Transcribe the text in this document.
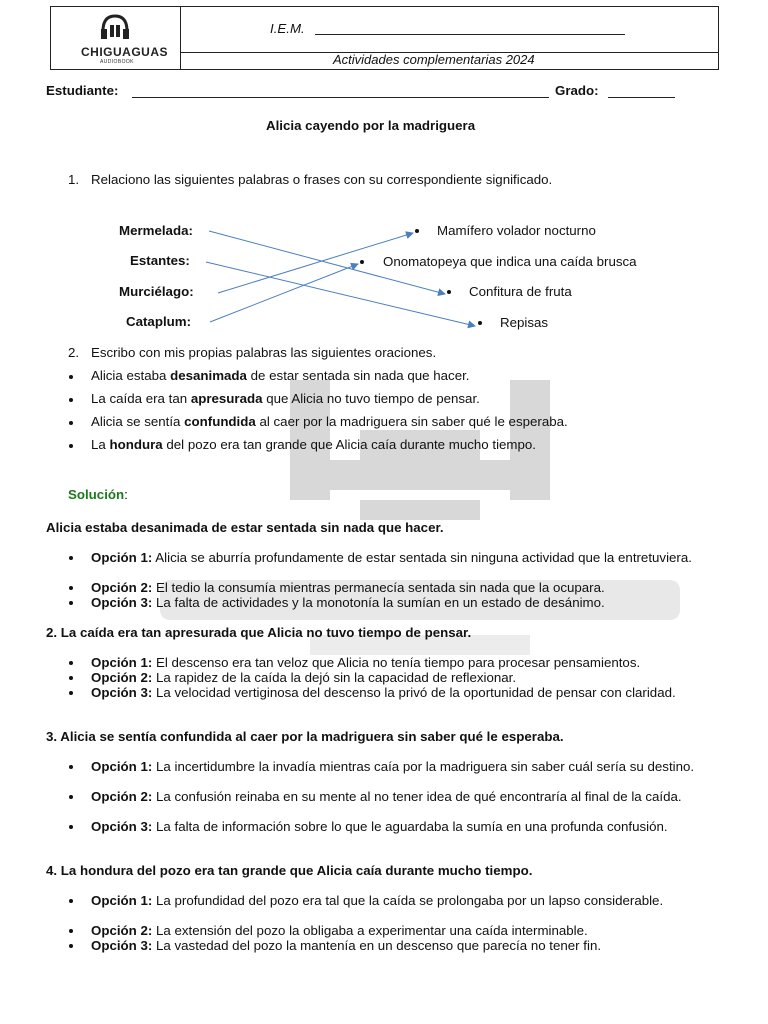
CHIGUAGUAS
AUDIOBOOK
I.E.M.
Actividades complementarias 2024
Estudiante:	Grado:
Alicia cayendo por la madriguera
1. Relaciono las siguientes palabras o frases con su correspondiente significado.
Mermelada:
Estantes:
Murciélago:
Cataplum:
Mamífero volador nocturno
Onomatopeya que indica una caída brusca
Confitura de fruta
Repisas
2. Escribo con mis propias palabras las siguientes oraciones.
Alicia estaba desanimada de estar sentada sin nada que hacer.
La caída era tan apresurada que Alicia no tuvo tiempo de pensar.
Alicia se sentía confundida al caer por la madriguera sin saber qué le esperaba.
La hondura del pozo era tan grande que Alicia caía durante mucho tiempo.
Solución:
Alicia estaba desanimada de estar sentada sin nada que hacer.
Opción 1: Alicia se aburría profundamente de estar sentada sin ninguna actividad que la entretuviera.
Opción 2: El tedio la consumía mientras permanecía sentada sin nada que la ocupara.
Opción 3: La falta de actividades y la monotonía la sumían en un estado de desánimo.
2. La caída era tan apresurada que Alicia no tuvo tiempo de pensar.
Opción 1: El descenso era tan veloz que Alicia no tenía tiempo para procesar pensamientos.
Opción 2: La rapidez de la caída la dejó sin la capacidad de reflexionar.
Opción 3: La velocidad vertiginosa del descenso la privó de la oportunidad de pensar con claridad.
3. Alicia se sentía confundida al caer por la madriguera sin saber qué le esperaba.
Opción 1: La incertidumbre la invadía mientras caía por la madriguera sin saber cuál sería su destino.
Opción 2: La confusión reinaba en su mente al no tener idea de qué encontraría al final de la caída.
Opción 3: La falta de información sobre lo que le aguardaba la sumía en una profunda confusión.
4. La hondura del pozo era tan grande que Alicia caía durante mucho tiempo.
Opción 1: La profundidad del pozo era tal que la caída se prolongaba por un lapso considerable.
Opción 2: La extensión del pozo la obligaba a experimentar una caída interminable.
Opción 3: La vastedad del pozo la mantenía en un descenso que parecía no tener fin.
